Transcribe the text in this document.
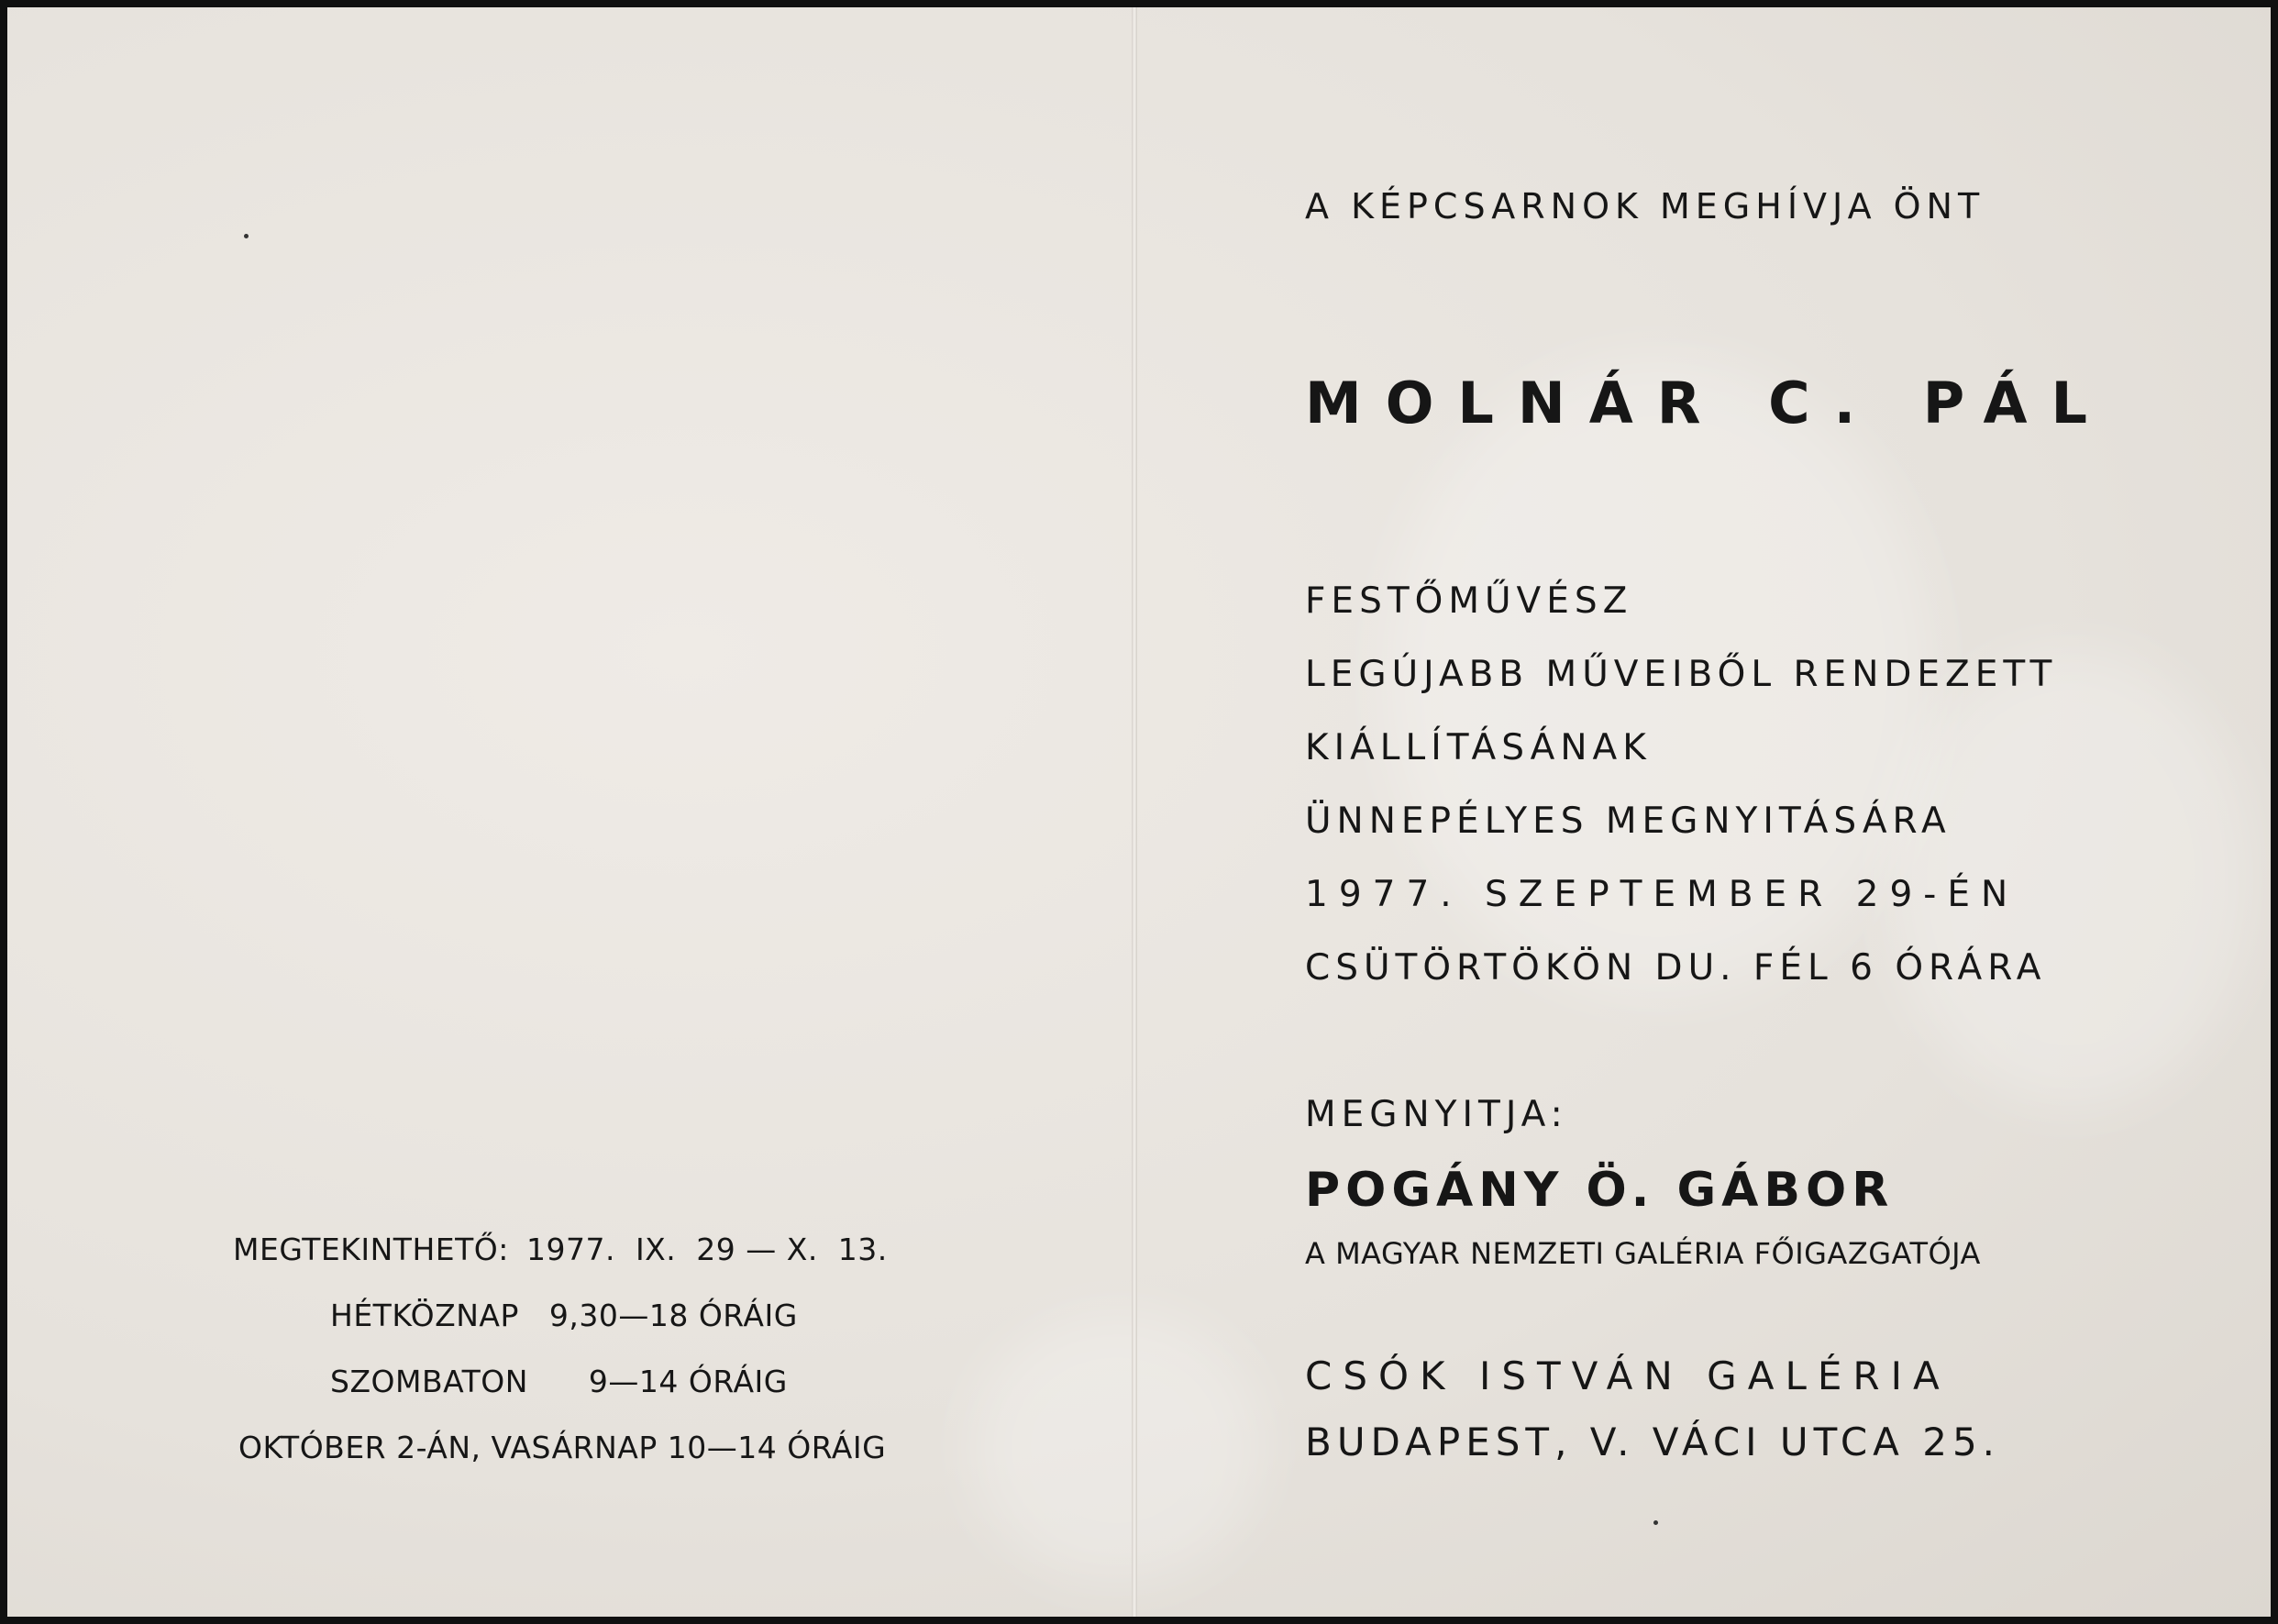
MEGTEKINTHETŐ: 1977.  IX.  29 — X.  13.
HÉTKÖZNAP   9,30—18 ÓRÁIG
SZOMBATON      9—14 ÓRÁIG
OKTÓBER 2-ÁN, VASÁRNAP 10—14 ÓRÁIG
A KÉPCSARNOK MEGHÍVJA ÖNT
MOLNÁR C. PÁL
FESTŐMŰVÉSZ
LEGÚJABB MŰVEIBŐL RENDEZETT
KIÁLLÍTÁSÁNAK
ÜNNEPÉLYES MEGNYITÁSÁRA
1977. SZEPTEMBER 29-ÉN
CSÜTÖRTÖKÖN DU. FÉL 6 ÓRÁRA
MEGNYITJA:
POGÁNY Ö. GÁBOR
A MAGYAR NEMZETI GALÉRIA FŐIGAZGATÓJA
CSÓK ISTVÁN GALÉRIA
BUDAPEST, V. VÁCI UTCA 25.
